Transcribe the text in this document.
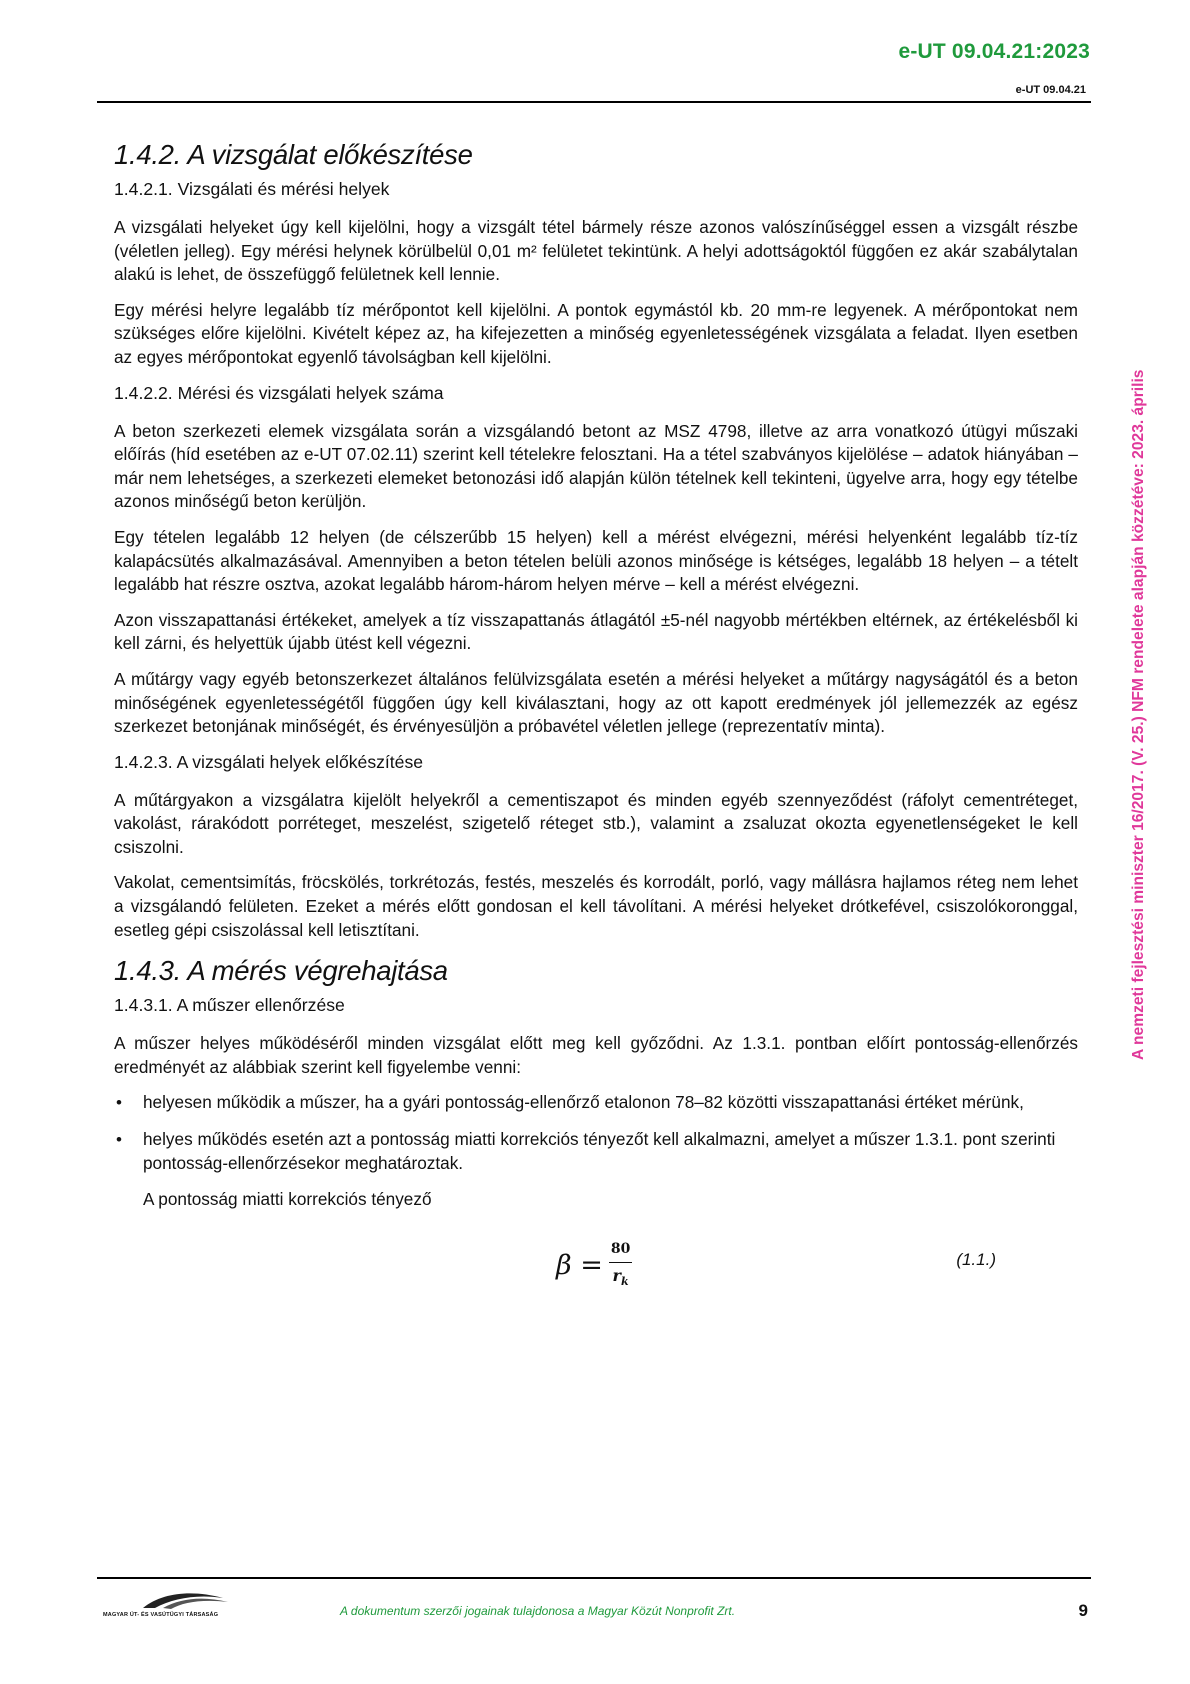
e-UT 09.04.21:2023
e-UT 09.04.21
A nemzeti fejlesztési miniszter 16/2017. (V. 25.) NFM rendelete alapján közzétéve: 2023. április
1.4.2. A vizsgálat előkészítése
1.4.2.1. Vizsgálati és mérési helyek

A vizsgálati helyeket úgy kell kijelölni, hogy a vizsgált tétel bármely része azonos valószínűséggel essen a vizsgált részbe (véletlen jelleg). Egy mérési helynek körülbelül 0,01 m² felületet tekintünk. A helyi adottságoktól függően ez akár szabálytalan alakú is lehet, de összefüggő felületnek kell lennie.

Egy mérési helyre legalább tíz mérőpontot kell kijelölni. A pontok egymástól kb. 20 mm-re legyenek. A mérőpontokat nem szükséges előre kijelölni. Kivételt képez az, ha kifejezetten a minőség egyenletességének vizsgálata a feladat. Ilyen esetben az egyes mérőpontokat egyenlő távolságban kell kijelölni.

1.4.2.2. Mérési és vizsgálati helyek száma

A beton szerkezeti elemek vizsgálata során a vizsgálandó betont az MSZ 4798, illetve az arra vonatkozó útügyi műszaki előírás (híd esetében az e-UT 07.02.11) szerint kell tételekre felosztani. Ha a tétel szabványos kijelölése – adatok hiányában – már nem lehetséges, a szerkezeti elemeket betonozási idő alapján külön tételnek kell tekinteni, ügyelve arra, hogy egy tételbe azonos minőségű beton kerüljön.

Egy tételen legalább 12 helyen (de célszerűbb 15 helyen) kell a mérést elvégezni, mérési helyenként legalább tíz-tíz kalapácsütés alkalmazásával. Amennyiben a beton tételen belüli azonos minősége is kétséges, legalább 18 helyen – a tételt legalább hat részre osztva, azokat legalább három-három helyen mérve – kell a mérést elvégezni.

Azon visszapattanási értékeket, amelyek a tíz visszapattanás átlagától ±5-nél nagyobb mértékben eltérnek, az értékelésből ki kell zárni, és helyettük újabb ütést kell végezni.

A műtárgy vagy egyéb betonszerkezet általános felülvizsgálata esetén a mérési helyeket a műtárgy nagyságától és a beton minőségének egyenletességétől függően úgy kell kiválasztani, hogy az ott kapott eredmények jól jellemezzék az egész szerkezet betonjának minőségét, és érvényesüljön a próbavétel véletlen jellege (reprezentatív minta).

1.4.2.3. A vizsgálati helyek előkészítése

A műtárgyakon a vizsgálatra kijelölt helyekről a cementiszapot és minden egyéb szennyeződést (ráfolyt cementréteget, vakolást, rárakódott porréteget, meszelést, szigetelő réteget stb.), valamint a zsaluzat okozta egyenetlenségeket le kell csiszolni.

Vakolat, cementsimítás, fröcskölés, torkrétozás, festés, meszelés és korrodált, porló, vagy mállásra hajlamos réteg nem lehet a vizsgálandó felületen. Ezeket a mérés előtt gondosan el kell távolítani. A mérési helyeket drótkefével, csiszolókoronggal, esetleg gépi csiszolással kell letisztítani.

1.4.3. A mérés végrehajtása
1.4.3.1. A műszer ellenőrzése

A műszer helyes működéséről minden vizsgálat előtt meg kell győződni. Az 1.3.1. pontban előírt pontosság-ellenőrzés eredményét az alábbiak szerint kell figyelembe venni:

• helyesen működik a műszer, ha a gyári pontosság-ellenőrző etalonon 78–82 közötti visszapattanási értéket mérünk,
• helyes működés esetén azt a pontosság miatti korrekciós tényezőt kell alkalmazni, amelyet a műszer 1.3.1. pont szerinti pontosság-ellenőrzésekor meghatároztak.

A pontosság miatti korrekciós tényező

$\beta = \frac{80}{r_k}$	(1.1.)
MAGYAR ÚT- ÉS VASÚTÜGYI TÁRSASÁG	A dokumentum szerzői jogainak tulajdonosa a Magyar Közút Nonprofit Zrt.	9
